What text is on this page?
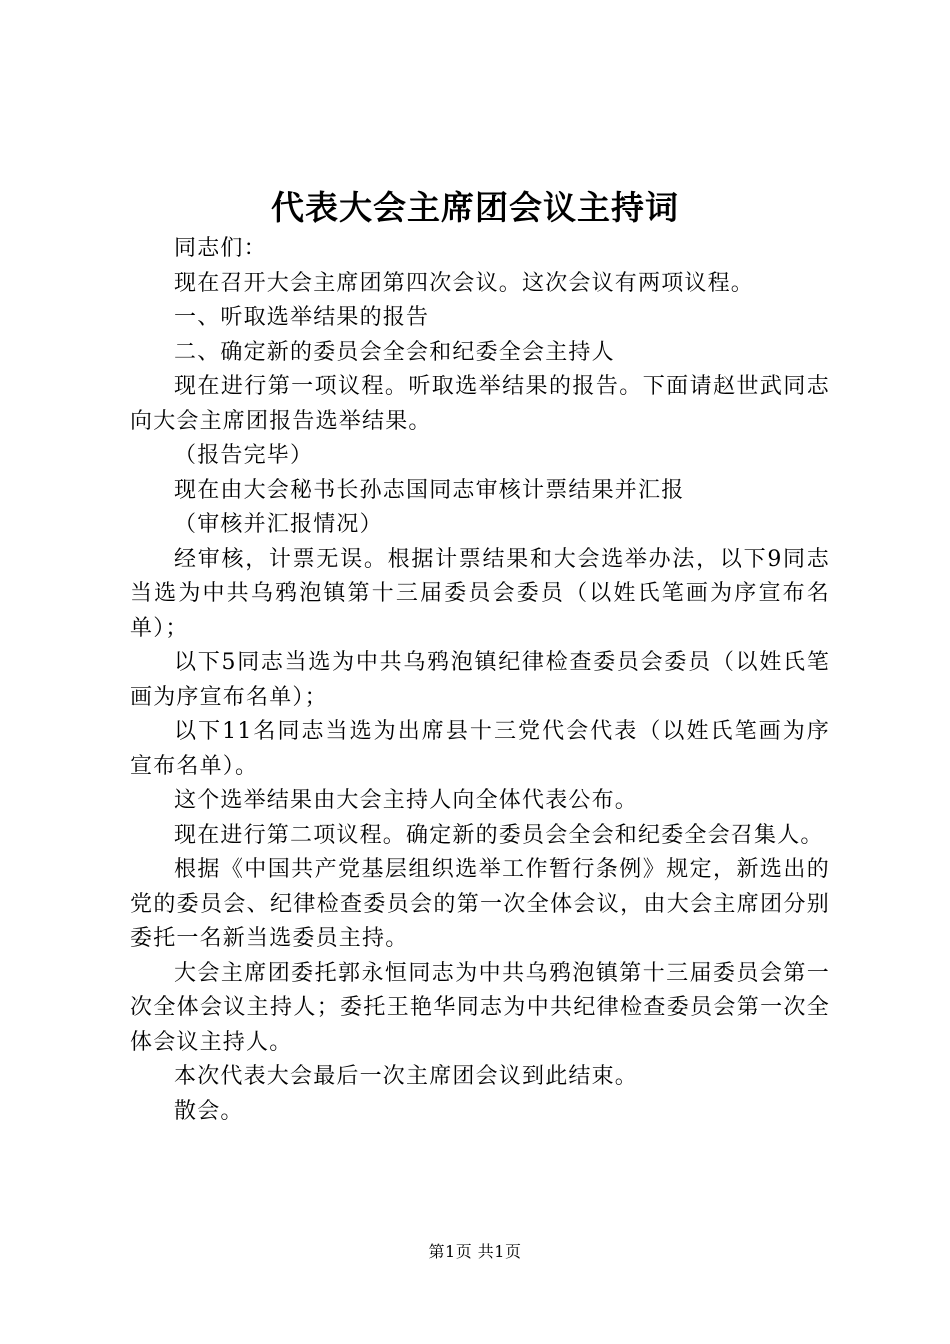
代表大会主席团会议主持词

同志们：

现在召开大会主席团第四次会议。这次会议有两项议程。

一、听取选举结果的报告

二、确定新的委员会全会和纪委全会主持人

现在进行第一项议程。听取选举结果的报告。下面请赵世武同志向大会主席团报告选举结果。

（报告完毕）

现在由大会秘书长孙志国同志审核计票结果并汇报

（审核并汇报情况）

经审核，计票无误。根据计票结果和大会选举办法，以下9同志当选为中共乌鸦泡镇第十三届委员会委员（以姓氏笔画为序宣布名单）；

以下5同志当选为中共乌鸦泡镇纪律检查委员会委员（以姓氏笔画为序宣布名单）；

以下11名同志当选为出席县十三党代会代表（以姓氏笔画为序宣布名单）。

这个选举结果由大会主持人向全体代表公布。

现在进行第二项议程。确定新的委员会全会和纪委全会召集人。

根据《中国共产党基层组织选举工作暂行条例》规定，新选出的党的委员会、纪律检查委员会的第一次全体会议，由大会主席团分别委托一名新当选委员主持。

大会主席团委托郭永恒同志为中共乌鸦泡镇第十三届委员会第一次全体会议主持人；委托王艳华同志为中共纪律检查委员会第一次全体会议主持人。

本次代表大会最后一次主席团会议到此结束。

散会。

第1页 共1页
